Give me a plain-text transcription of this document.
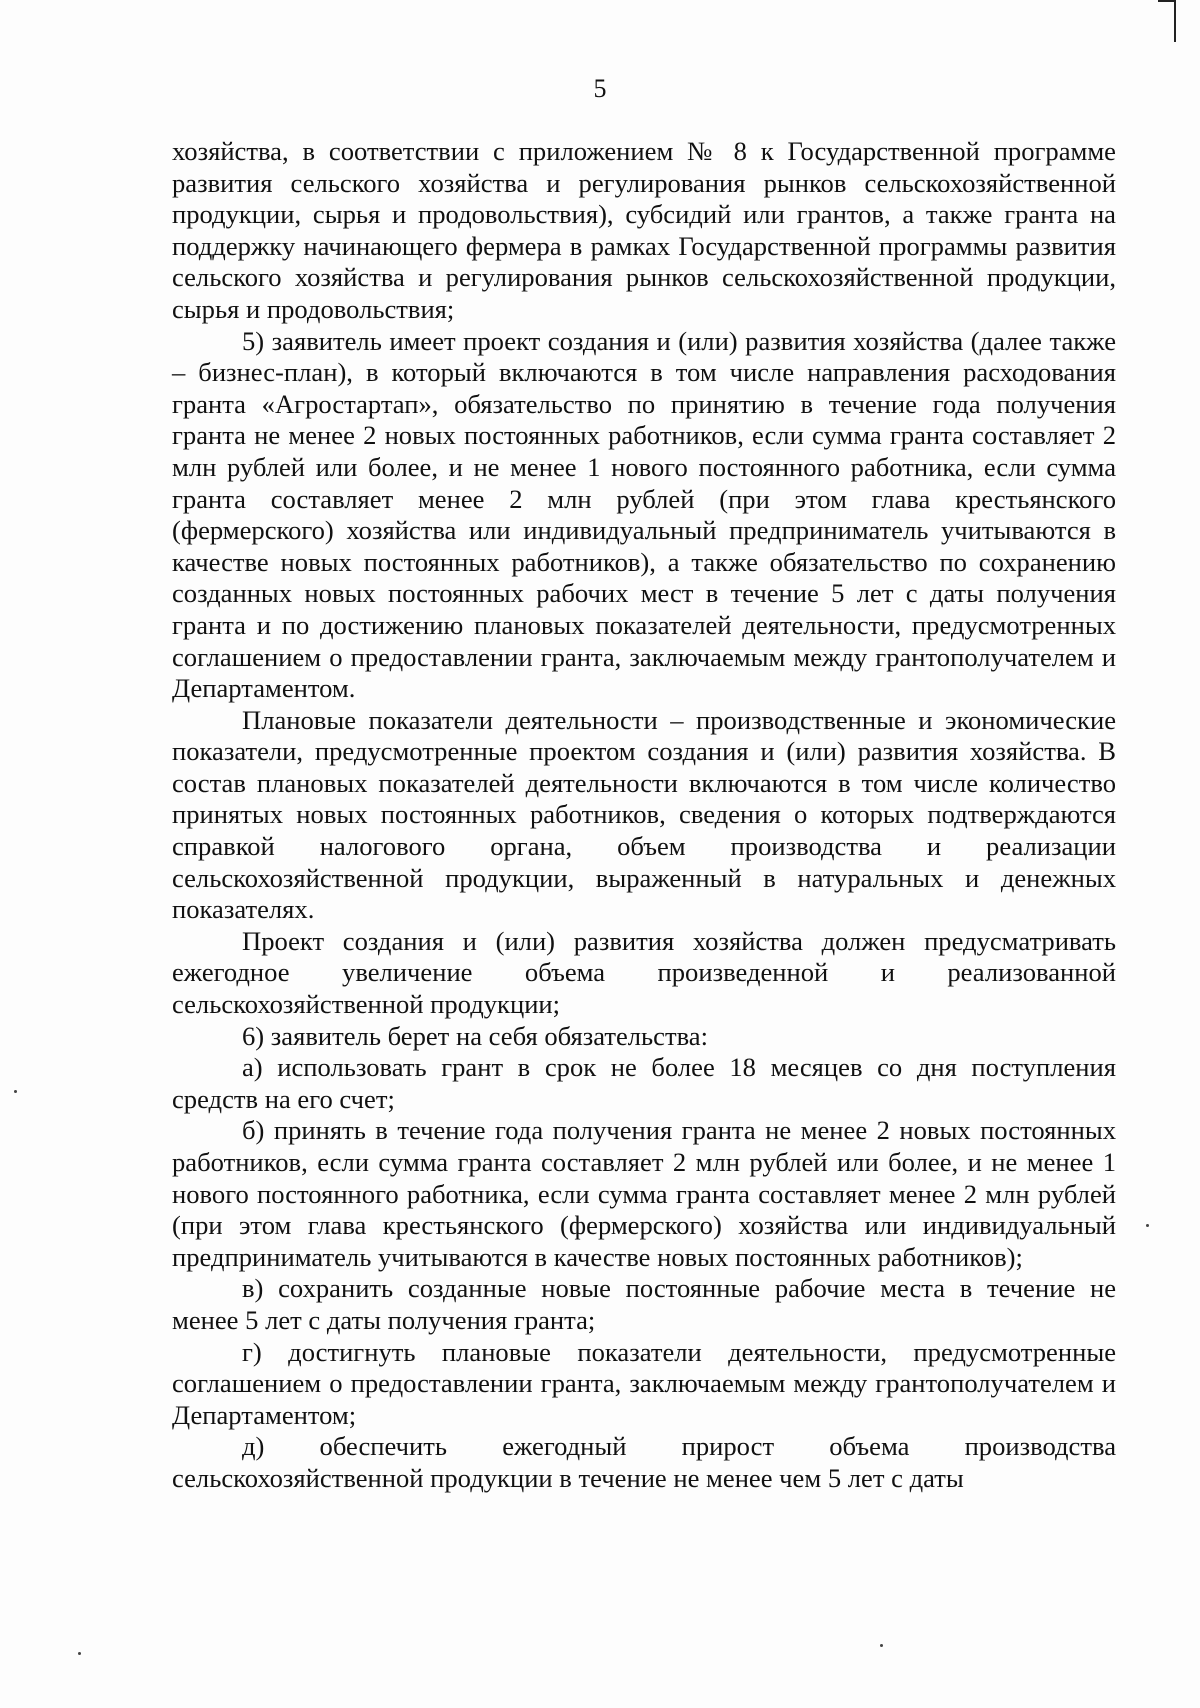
5

хозяйства, в соответствии с приложением № 8 к Государственной программе развития сельского хозяйства и регулирования рынков сельскохозяйственной продукции, сырья и продовольствия), субсидий или грантов, а также гранта на поддержку начинающего фермера в рамках Государственной программы развития сельского хозяйства и регулирования рынков сельскохозяйственной продукции, сырья и продовольствия;

5) заявитель имеет проект создания и (или) развития хозяйства (далее также – бизнес-план), в который включаются в том числе направления расходования гранта «Агростартап», обязательство по принятию в течение года получения гранта не менее 2 новых постоянных работников, если сумма гранта составляет 2 млн рублей или более, и не менее 1 нового постоянного работника, если сумма гранта составляет менее 2 млн рублей (при этом глава крестьянского (фермерского) хозяйства или индивидуальный предприниматель учитываются в качестве новых постоянных работников), а также обязательство по сохранению созданных новых постоянных рабочих мест в течение 5 лет с даты получения гранта и по достижению плановых показателей деятельности, предусмотренных соглашением о предоставлении гранта, заключаемым между грантополучателем и Департаментом.

Плановые показатели деятельности – производственные и экономические показатели, предусмотренные проектом создания и (или) развития хозяйства. В состав плановых показателей деятельности включаются в том числе количество принятых новых постоянных работников, сведения о которых подтверждаются справкой налогового органа, объем производства и реализации сельскохозяйственной продукции, выраженный в натуральных и денежных показателях.

Проект создания и (или) развития хозяйства должен предусматривать ежегодное увеличение объема произведенной и реализованной сельскохозяйственной продукции;

6) заявитель берет на себя обязательства:

а) использовать грант в срок не более 18 месяцев со дня поступления средств на его счет;

б) принять в течение года получения гранта не менее 2 новых постоянных работников, если сумма гранта составляет 2 млн рублей или более, и не менее 1 нового постоянного работника, если сумма гранта составляет менее 2 млн рублей (при этом глава крестьянского (фермерского) хозяйства или индивидуальный предприниматель учитываются в качестве новых постоянных работников);

в) сохранить созданные новые постоянные рабочие места в течение не менее 5 лет с даты получения гранта;

г) достигнуть плановые показатели деятельности, предусмотренные соглашением о предоставлении гранта, заключаемым между грантополучателем и Департаментом;

д) обеспечить ежегодный прирост объема производства сельскохозяйственной продукции в течение не менее чем 5 лет с даты
